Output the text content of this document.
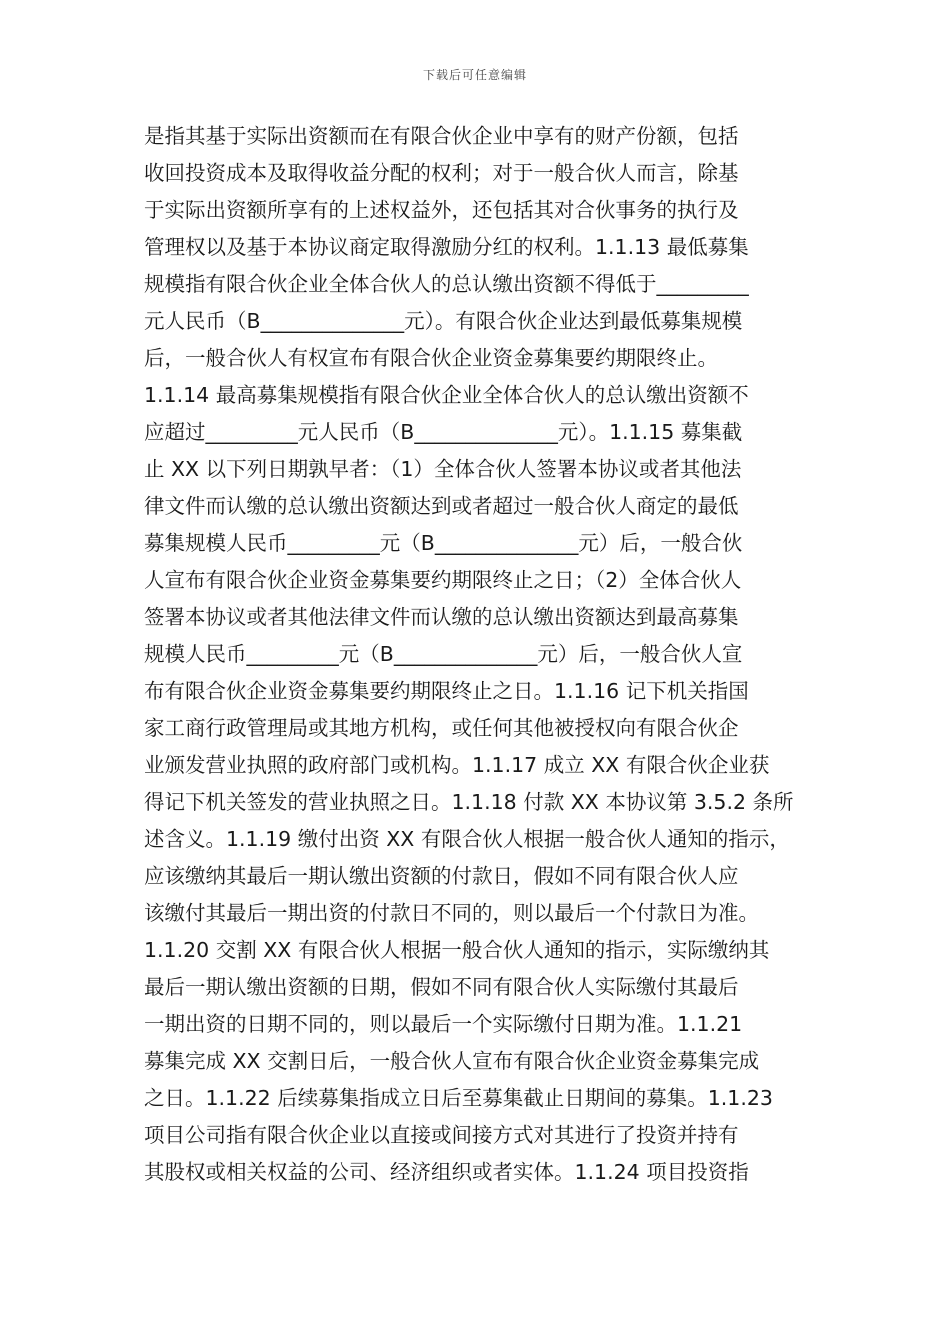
下载后可任意编辑
是指其基于实际出资额而在有限合伙企业中享有的财产份额，包括
收回投资成本及取得收益分配的权利；对于一般合伙人而言，除基
于实际出资额所享有的上述权益外，还包括其对合伙事务的执行及
管理权以及基于本协议商定取得激励分红的权利。1.1.13 最低募集
规模指有限合伙企业全体合伙人的总认缴出资额不得低于_________
元人民币（B______________元）。有限合伙企业达到最低募集规模
后，一般合伙人有权宣布有限合伙企业资金募集要约期限终止。
1.1.14 最高募集规模指有限合伙企业全体合伙人的总认缴出资额不
应超过_________元人民币（B______________元）。1.1.15 募集截
止 XX 以下列日期孰早者：（1）全体合伙人签署本协议或者其他法
律文件而认缴的总认缴出资额达到或者超过一般合伙人商定的最低
募集规模人民币_________元（B______________元）后，一般合伙
人宣布有限合伙企业资金募集要约期限终止之日；（2）全体合伙人
签署本协议或者其他法律文件而认缴的总认缴出资额达到最高募集
规模人民币_________元（B______________元）后，一般合伙人宣
布有限合伙企业资金募集要约期限终止之日。1.1.16 记下机关指国
家工商行政管理局或其地方机构，或任何其他被授权向有限合伙企
业颁发营业执照的政府部门或机构。1.1.17 成立 XX 有限合伙企业获
得记下机关签发的营业执照之日。1.1.18 付款 XX 本协议第 3.5.2 条所
述含义。1.1.19 缴付出资 XX 有限合伙人根据一般合伙人通知的指示，
应该缴纳其最后一期认缴出资额的付款日，假如不同有限合伙人应
该缴付其最后一期出资的付款日不同的，则以最后一个付款日为准。
1.1.20 交割 XX 有限合伙人根据一般合伙人通知的指示，实际缴纳其
最后一期认缴出资额的日期，假如不同有限合伙人实际缴付其最后
一期出资的日期不同的，则以最后一个实际缴付日期为准。1.1.21
募集完成 XX 交割日后，一般合伙人宣布有限合伙企业资金募集完成
之日。1.1.22 后续募集指成立日后至募集截止日期间的募集。1.1.23
项目公司指有限合伙企业以直接或间接方式对其进行了投资并持有
其股权或相关权益的公司、经济组织或者实体。1.1.24 项目投资指
